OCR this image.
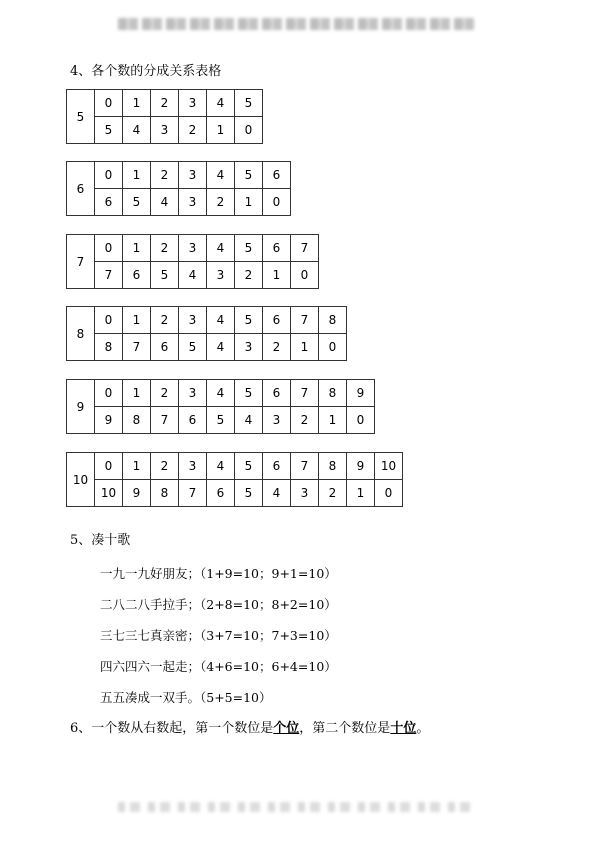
4、各个数的分成关系表格
5	0	1	2	3	4	5
	5	4	3	2	1	0
6	0	1	2	3	4	5	6
	6	5	4	3	2	1	0
7	0	1	2	3	4	5	6	7
	7	6	5	4	3	2	1	0
8	0	1	2	3	4	5	6	7	8
	8	7	6	5	4	3	2	1	0
9	0	1	2	3	4	5	6	7	8	9
	9	8	7	6	5	4	3	2	1	0
10	0	1	2	3	4	5	6	7	8	9	10
	10	9	8	7	6	5	4	3	2	1	0
5、凑十歌
一九一九好朋友；（1+9=10；9+1=10）
二八二八手拉手；（2+8=10；8+2=10）
三七三七真亲密；（3+7=10；7+3=10）
四六四六一起走；（4+6=10；6+4=10）
五五凑成一双手。（5+5=10）
6、一个数从右数起，第一个数位是个位，第二个数位是十位。
